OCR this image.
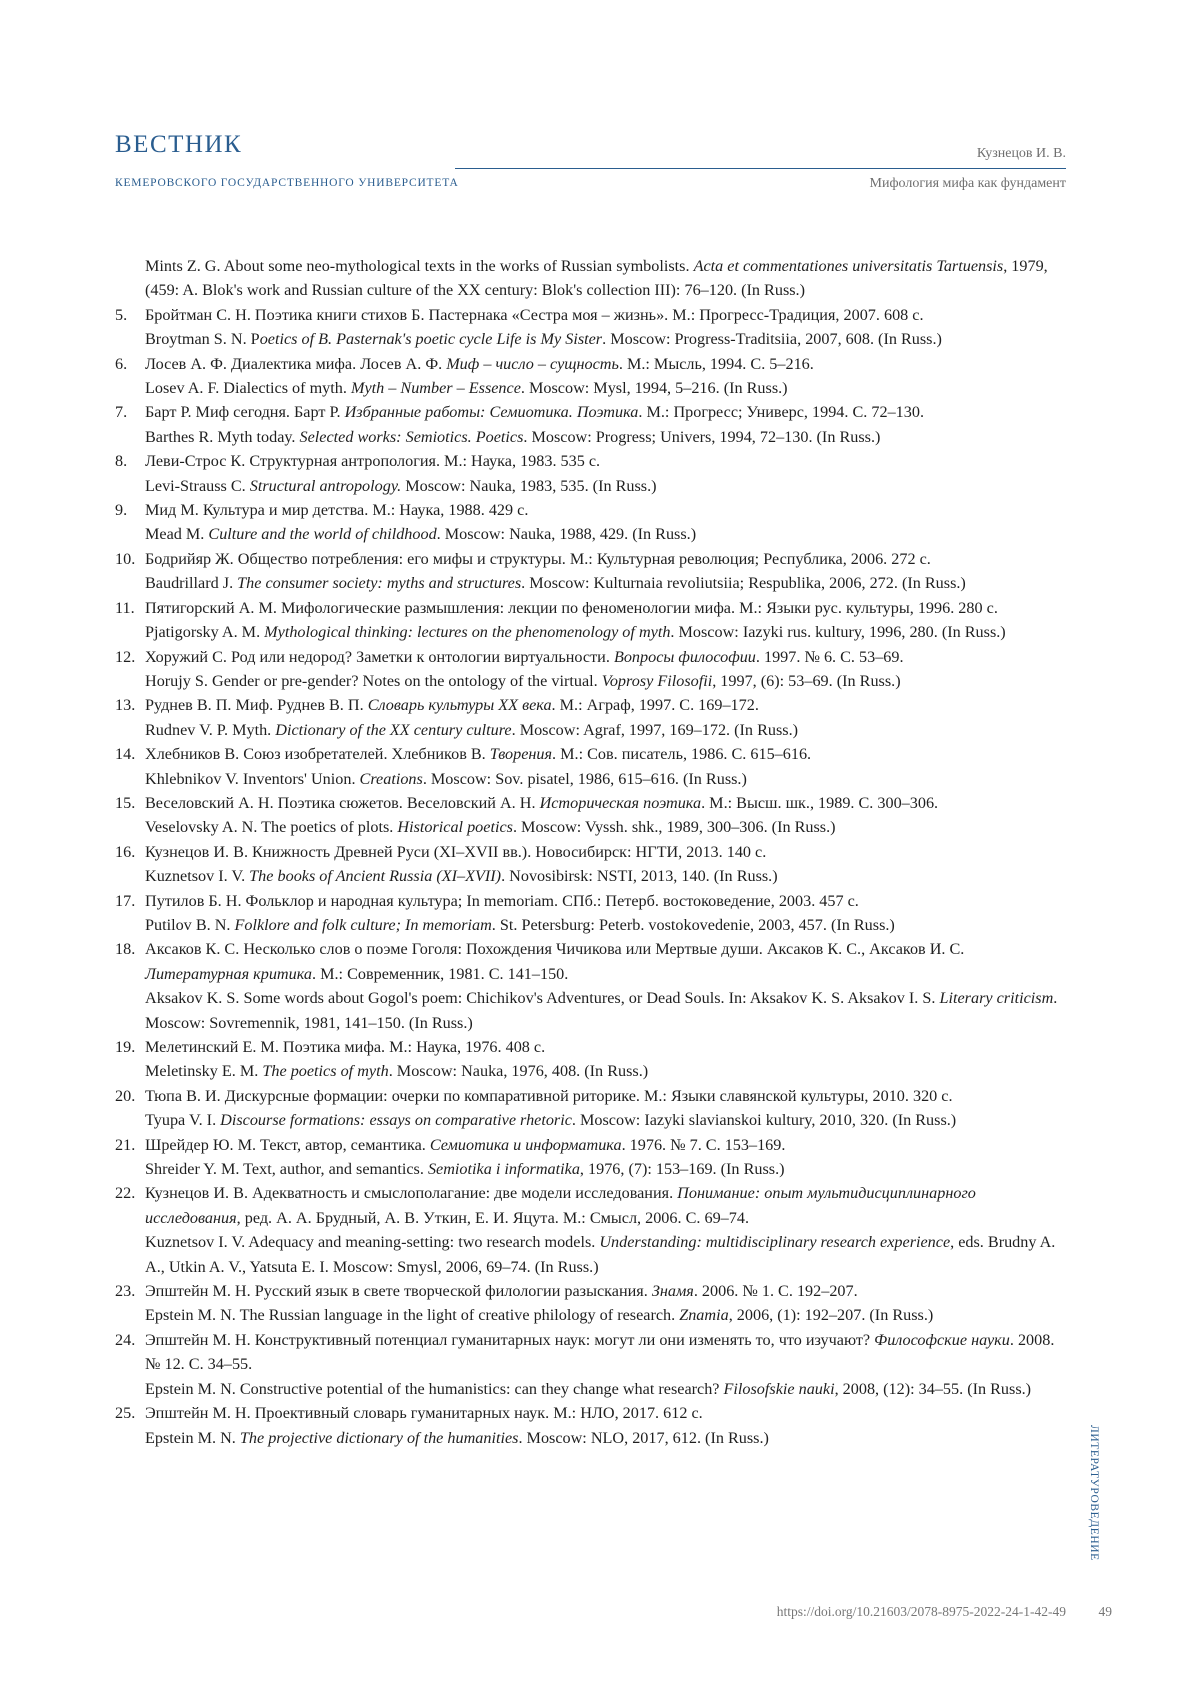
ВЕСТНИК
КЕМЕРОВСКОГО ГОСУДАРСТВЕННОГО УНИВЕРСИТЕТА
Кузнецов И. В.
Мифология мифа как фундамент
Mints Z. G. About some neo-mythological texts in the works of Russian symbolists. Acta et commentationes universitatis Tartuensis, 1979, (459: A. Blok's work and Russian culture of the XX century: Blok's collection III): 76–120. (In Russ.)
5.	Бройтман С. Н. Поэтика книги стихов Б. Пастернака «Сестра моя – жизнь». М.: Прогресс-Традиция, 2007. 608 с.
Broytman S. N. Poetics of B. Pasternak's poetic cycle Life is My Sister. Moscow: Progress-Traditsiia, 2007, 608. (In Russ.)
6.	Лосев А. Ф. Диалектика мифа. Лосев А. Ф. Миф – число – сущность. М.: Мысль, 1994. С. 5–216.
Losev A. F. Dialectics of myth. Myth – Number – Essence. Moscow: Mysl, 1994, 5–216. (In Russ.)
7.	Барт Р. Миф сегодня. Барт Р. Избранные работы: Семиотика. Поэтика. М.: Прогресс; Универс, 1994. С. 72–130.
Barthes R. Myth today. Selected works: Semiotics. Poetics. Moscow: Progress; Univers, 1994, 72–130. (In Russ.)
8.	Леви-Строс К. Структурная антропология. М.: Наука, 1983. 535 с.
Levi-Strauss C. Structural antropology. Moscow: Nauka, 1983, 535. (In Russ.)
9.	Мид М. Культура и мир детства. М.: Наука, 1988. 429 с.
Mead M. Culture and the world of childhood. Moscow: Nauka, 1988, 429. (In Russ.)
10. Бодрийяр Ж. Общество потребления: его мифы и структуры. М.: Культурная революция; Республика, 2006. 272 с.
Baudrillard J. The consumer society: myths and structures. Moscow: Kulturnaia revoliutsiia; Respublika, 2006, 272. (In Russ.)
11. Пятигорский А. М. Мифологические размышления: лекции по феноменологии мифа. М.: Языки рус. культуры, 1996. 280 с.
Pjatigorsky A. M. Mythological thinking: lectures on the phenomenology of myth. Moscow: Iazyki rus. kultury, 1996, 280. (In Russ.)
12. Хоружий С. Род или недород? Заметки к онтологии виртуальности. Вопросы философии. 1997. № 6. С. 53–69.
Horujy S. Gender or pre-gender? Notes on the ontology of the virtual. Voprosy Filosofii, 1997, (6): 53–69. (In Russ.)
13. Руднев В. П. Миф. Руднев В. П. Словарь культуры XX века. М.: Аграф, 1997. С. 169–172.
Rudnev V. P. Myth. Dictionary of the XX century culture. Moscow: Agraf, 1997, 169–172. (In Russ.)
14. Хлебников В. Союз изобретателей. Хлебников В. Творения. М.: Сов. писатель, 1986. С. 615–616.
Khlebnikov V. Inventors' Union. Creations. Moscow: Sov. pisatel, 1986, 615–616. (In Russ.)
15. Веселовский А. Н. Поэтика сюжетов. Веселовский А. Н. Историческая поэтика. М.: Высш. шк., 1989. С. 300–306.
Veselovsky A. N. The poetics of plots. Historical poetics. Moscow: Vyssh. shk., 1989, 300–306. (In Russ.)
16. Кузнецов И. В. Книжность Древней Руси (XI–XVII вв.). Новосибирск: НГТИ, 2013. 140 с.
Kuznetsov I. V. The books of Ancient Russia (XI–XVII). Novosibirsk: NSTI, 2013, 140. (In Russ.)
17. Путилов Б. Н. Фольклор и народная культура; In memoriam. СПб.: Петерб. востоковедение, 2003. 457 с.
Putilov B. N. Folklore and folk culture; In memoriam. St. Petersburg: Peterb. vostokovedenie, 2003, 457. (In Russ.)
18. Аксаков К. С. Несколько слов о поэме Гоголя: Похождения Чичикова или Мертвые души. Аксаков К. С., Аксаков И. С. Литературная критика. М.: Современник, 1981. С. 141–150.
Aksakov K. S. Some words about Gogol's poem: Chichikov's Adventures, or Dead Souls. In: Aksakov K. S. Aksakov I. S. Literary criticism. Moscow: Sovremennik, 1981, 141–150. (In Russ.)
19. Мелетинский Е. М. Поэтика мифа. М.: Наука, 1976. 408 с.
Meletinsky E. M. The poetics of myth. Moscow: Nauka, 1976, 408. (In Russ.)
20. Тюпа В. И. Дискурсные формации: очерки по компаративной риторике. М.: Языки славянской культуры, 2010. 320 с.
Tyupa V. I. Discourse formations: essays on comparative rhetoric. Moscow: Iazyki slavianskoi kultury, 2010, 320. (In Russ.)
21. Шрейдер Ю. М. Текст, автор, семантика. Семиотика и информатика. 1976. № 7. С. 153–169.
Shreider Y. M. Text, author, and semantics. Semiotika i informatika, 1976, (7): 153–169. (In Russ.)
22. Кузнецов И. В. Адекватность и смыслополагание: две модели исследования. Понимание: опыт мультидисциплинарного исследования, ред. А. А. Брудный, А. В. Уткин, Е. И. Яцута. М.: Смысл, 2006. С. 69–74.
Kuznetsov I. V. Adequacy and meaning-setting: two research models. Understanding: multidisciplinary research experience, eds. Brudny A. A., Utkin A. V., Yatsuta E. I. Moscow: Smysl, 2006, 69–74. (In Russ.)
23. Эпштейн М. Н. Русский язык в свете творческой филологии разыскания. Знамя. 2006. № 1. С. 192–207.
Epstein M. N. The Russian language in the light of creative philology of research. Znamia, 2006, (1): 192–207. (In Russ.)
24. Эпштейн М. Н. Конструктивный потенциал гуманитарных наук: могут ли они изменять то, что изучают? Философские науки. 2008. № 12. С. 34–55.
Epstein M. N. Constructive potential of the humanistics: can they change what research? Filosofskie nauki, 2008, (12): 34–55. (In Russ.)
25. Эпштейн М. Н. Проективный словарь гуманитарных наук. М.: НЛО, 2017. 612 с.
Epstein M. N. The projective dictionary of the humanities. Moscow: NLO, 2017, 612. (In Russ.)	ЛИТЕРАТУРОВЕДЕНИЕ
https://doi.org/10.21603/2078-8975-2022-24-1-42-49 49
